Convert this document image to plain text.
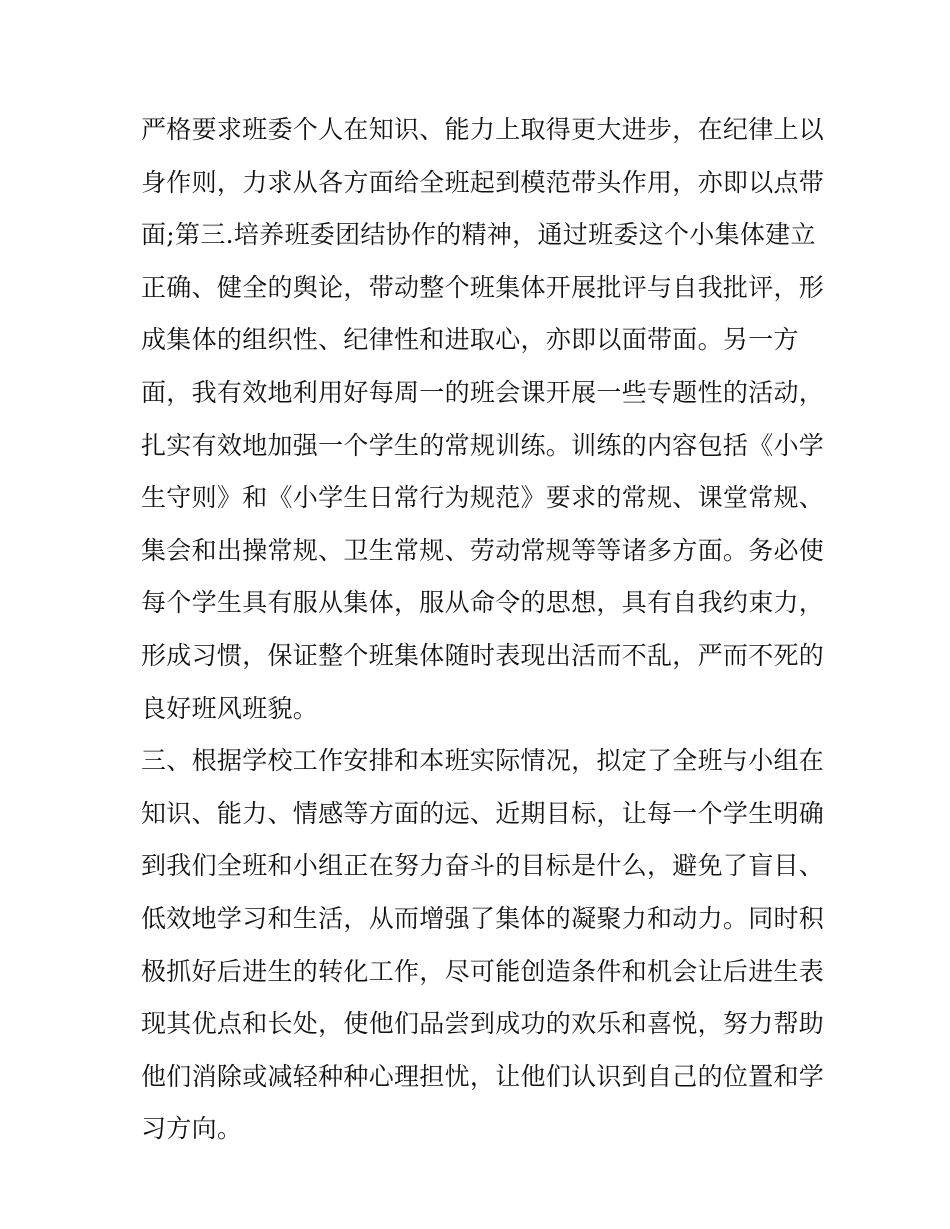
严格要求班委个人在知识、能力上取得更大进步，在纪律上以
身作则，力求从各方面给全班起到模范带头作用，亦即以点带
面;第三.培养班委团结协作的精神，通过班委这个小集体建立
正确、健全的舆论，带动整个班集体开展批评与自我批评，形
成集体的组织性、纪律性和进取心，亦即以面带面。另一方
面，我有效地利用好每周一的班会课开展一些专题性的活动，
扎实有效地加强一个学生的常规训练。训练的内容包括《小学
生守则》和《小学生日常行为规范》要求的常规、课堂常规、
集会和出操常规、卫生常规、劳动常规等等诸多方面。务必使
每个学生具有服从集体，服从命令的思想，具有自我约束力，
形成习惯，保证整个班集体随时表现出活而不乱，严而不死的
良好班风班貌。
三、根据学校工作安排和本班实际情况，拟定了全班与小组在
知识、能力、情感等方面的远、近期目标，让每一个学生明确
到我们全班和小组正在努力奋斗的目标是什么，避免了盲目、
低效地学习和生活，从而增强了集体的凝聚力和动力。同时积
极抓好后进生的转化工作，尽可能创造条件和机会让后进生表
现其优点和长处，使他们品尝到成功的欢乐和喜悦，努力帮助
他们消除或减轻种种心理担忧，让他们认识到自己的位置和学
习方向。
